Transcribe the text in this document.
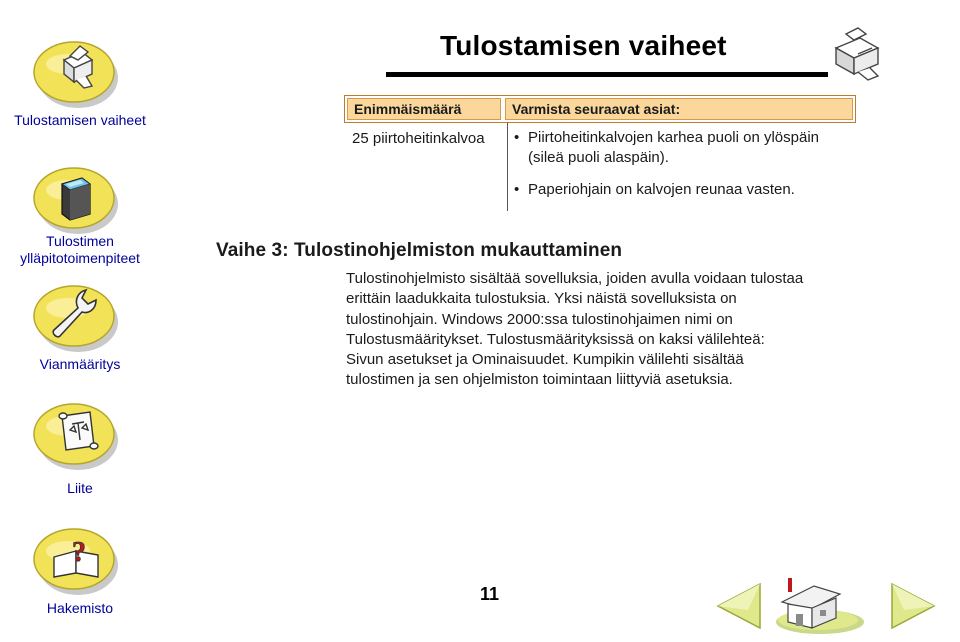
Tulostamisen vaiheet
Tulostimen
ylläpitotoimenpiteet
Vianmääritys
Liite
?
Hakemisto
Tulostamisen vaiheet
Enimmäismäärä	Varmista seuraavat asiat:
25 piirtoheitinkalvoa
•	Piirtoheitinkalvojen karhea puoli on ylöspäin
(sileä puoli alaspäin).
• Paperiohjain on kalvojen reunaa vasten.
Vaihe 3: Tulostinohjelmiston mukauttaminen

Tulostinohjelmisto sisältää sovelluksia, joiden avulla voidaan tulostaa
erittäin laadukkaita tulostuksia. Yksi näistä sovelluksista on
tulostinohjain. Windows 2000:ssa tulostinohjaimen nimi on
Tulostusmääritykset. Tulostusmäärityksissä on kaksi välilehteä:
Sivun asetukset ja Ominaisuudet. Kumpikin välilehti sisältää
tulostimen ja sen ohjelmiston toimintaan liittyviä asetuksia.

11
